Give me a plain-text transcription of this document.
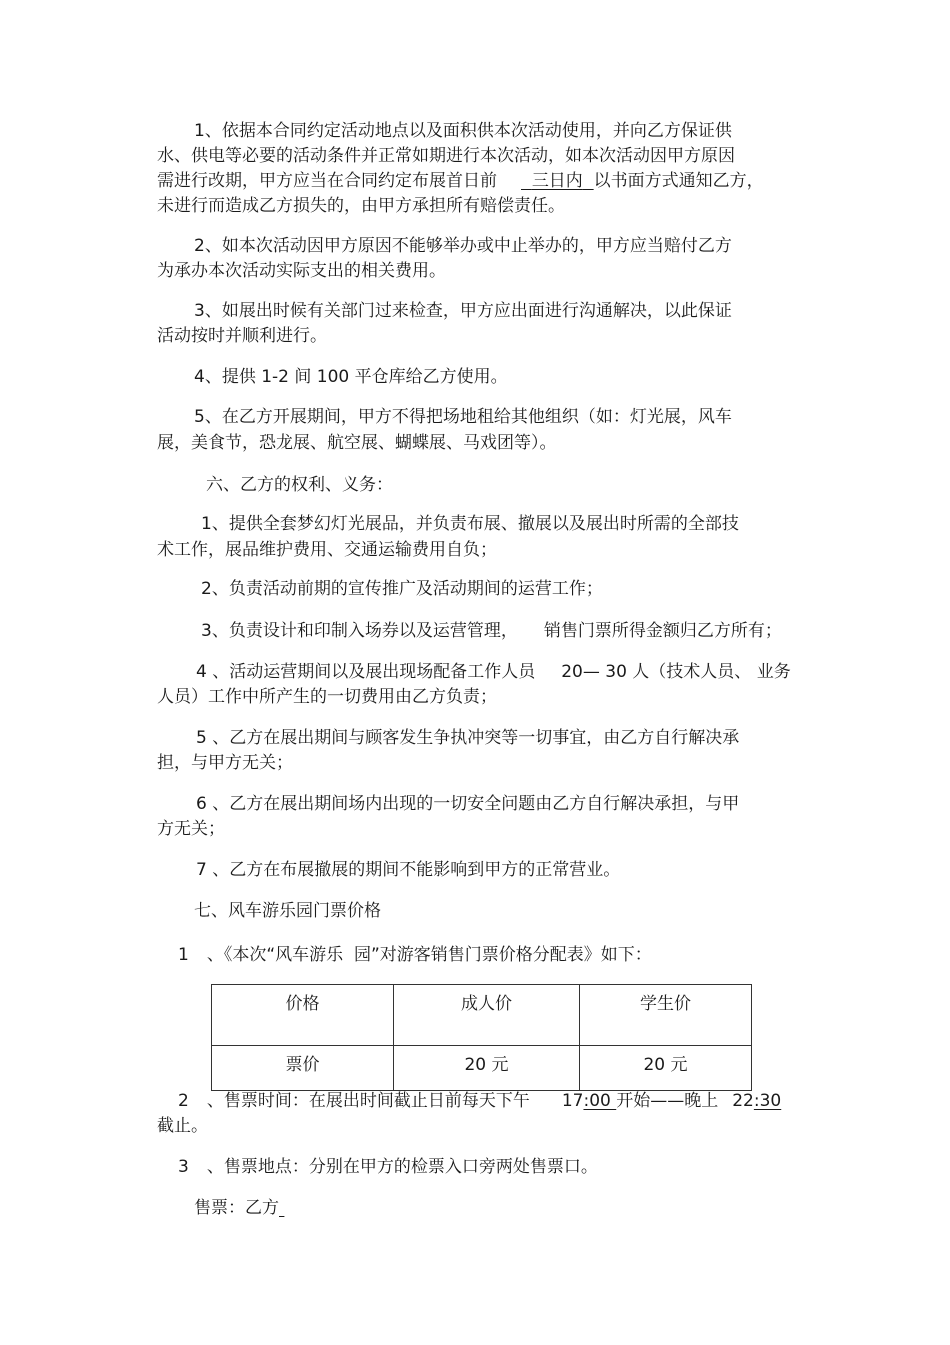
1、依据本合同约定活动地点以及面积供本次活动使用，并向乙方保证供
水、供电等必要的活动条件并正常如期进行本次活动，如本次活动因甲方原因
需进行改期，甲方应当在合同约定布展首日前 三日内 以书面方式通知乙方，
未进行而造成乙方损失的，由甲方承担所有赔偿责任。
2、如本次活动因甲方原因不能够举办或中止举办的，甲方应当赔付乙方
为承办本次活动实际支出的相关费用。
3、如展出时候有关部门过来检查，甲方应出面进行沟通解决，以此保证
活动按时并顺利进行。
4、提供 1-2 间 100 平仓库给乙方使用。
5、在乙方开展期间，甲方不得把场地租给其他组织（如：灯光展，风车
展，美食节，恐龙展、航空展、蝴蝶展、马戏团等）。
六、乙方的权利、义务：
1、提供全套梦幻灯光展品，并负责布展、撤展以及展出时所需的全部技
术工作，展品维护费用、交通运输费用自负；
2、负责活动前期的宣传推广及活动期间的运营工作；
3、负责设计和印制入场券以及运营管理， 销售门票所得金额归乙方所有；
4 、活动运营期间以及展出现场配备工作人员 20— 30 人（技术人员、 业务
人员）工作中所产生的一切费用由乙方负责；
5 、乙方在展出期间与顾客发生争执冲突等一切事宜，由乙方自行解决承
担，与甲方无关；
6 、乙方在展出期间场内出现的一切安全问题由乙方自行解决承担，与甲
方无关；
7 、乙方在布展撤展的期间不能影响到甲方的正常营业。
七、风车游乐园门票价格
1 、《本次“风车游乐  园”对游客销售门票价格分配表》如下：
价格	成人价	学生价
票价	20 元	20 元
2 、售票时间：在展出时间截止日前每天下午 17:00 开始——晚上 22:30
截止。
3 、售票地点：分别在甲方的检票入口旁两处售票口。
售票：乙方
